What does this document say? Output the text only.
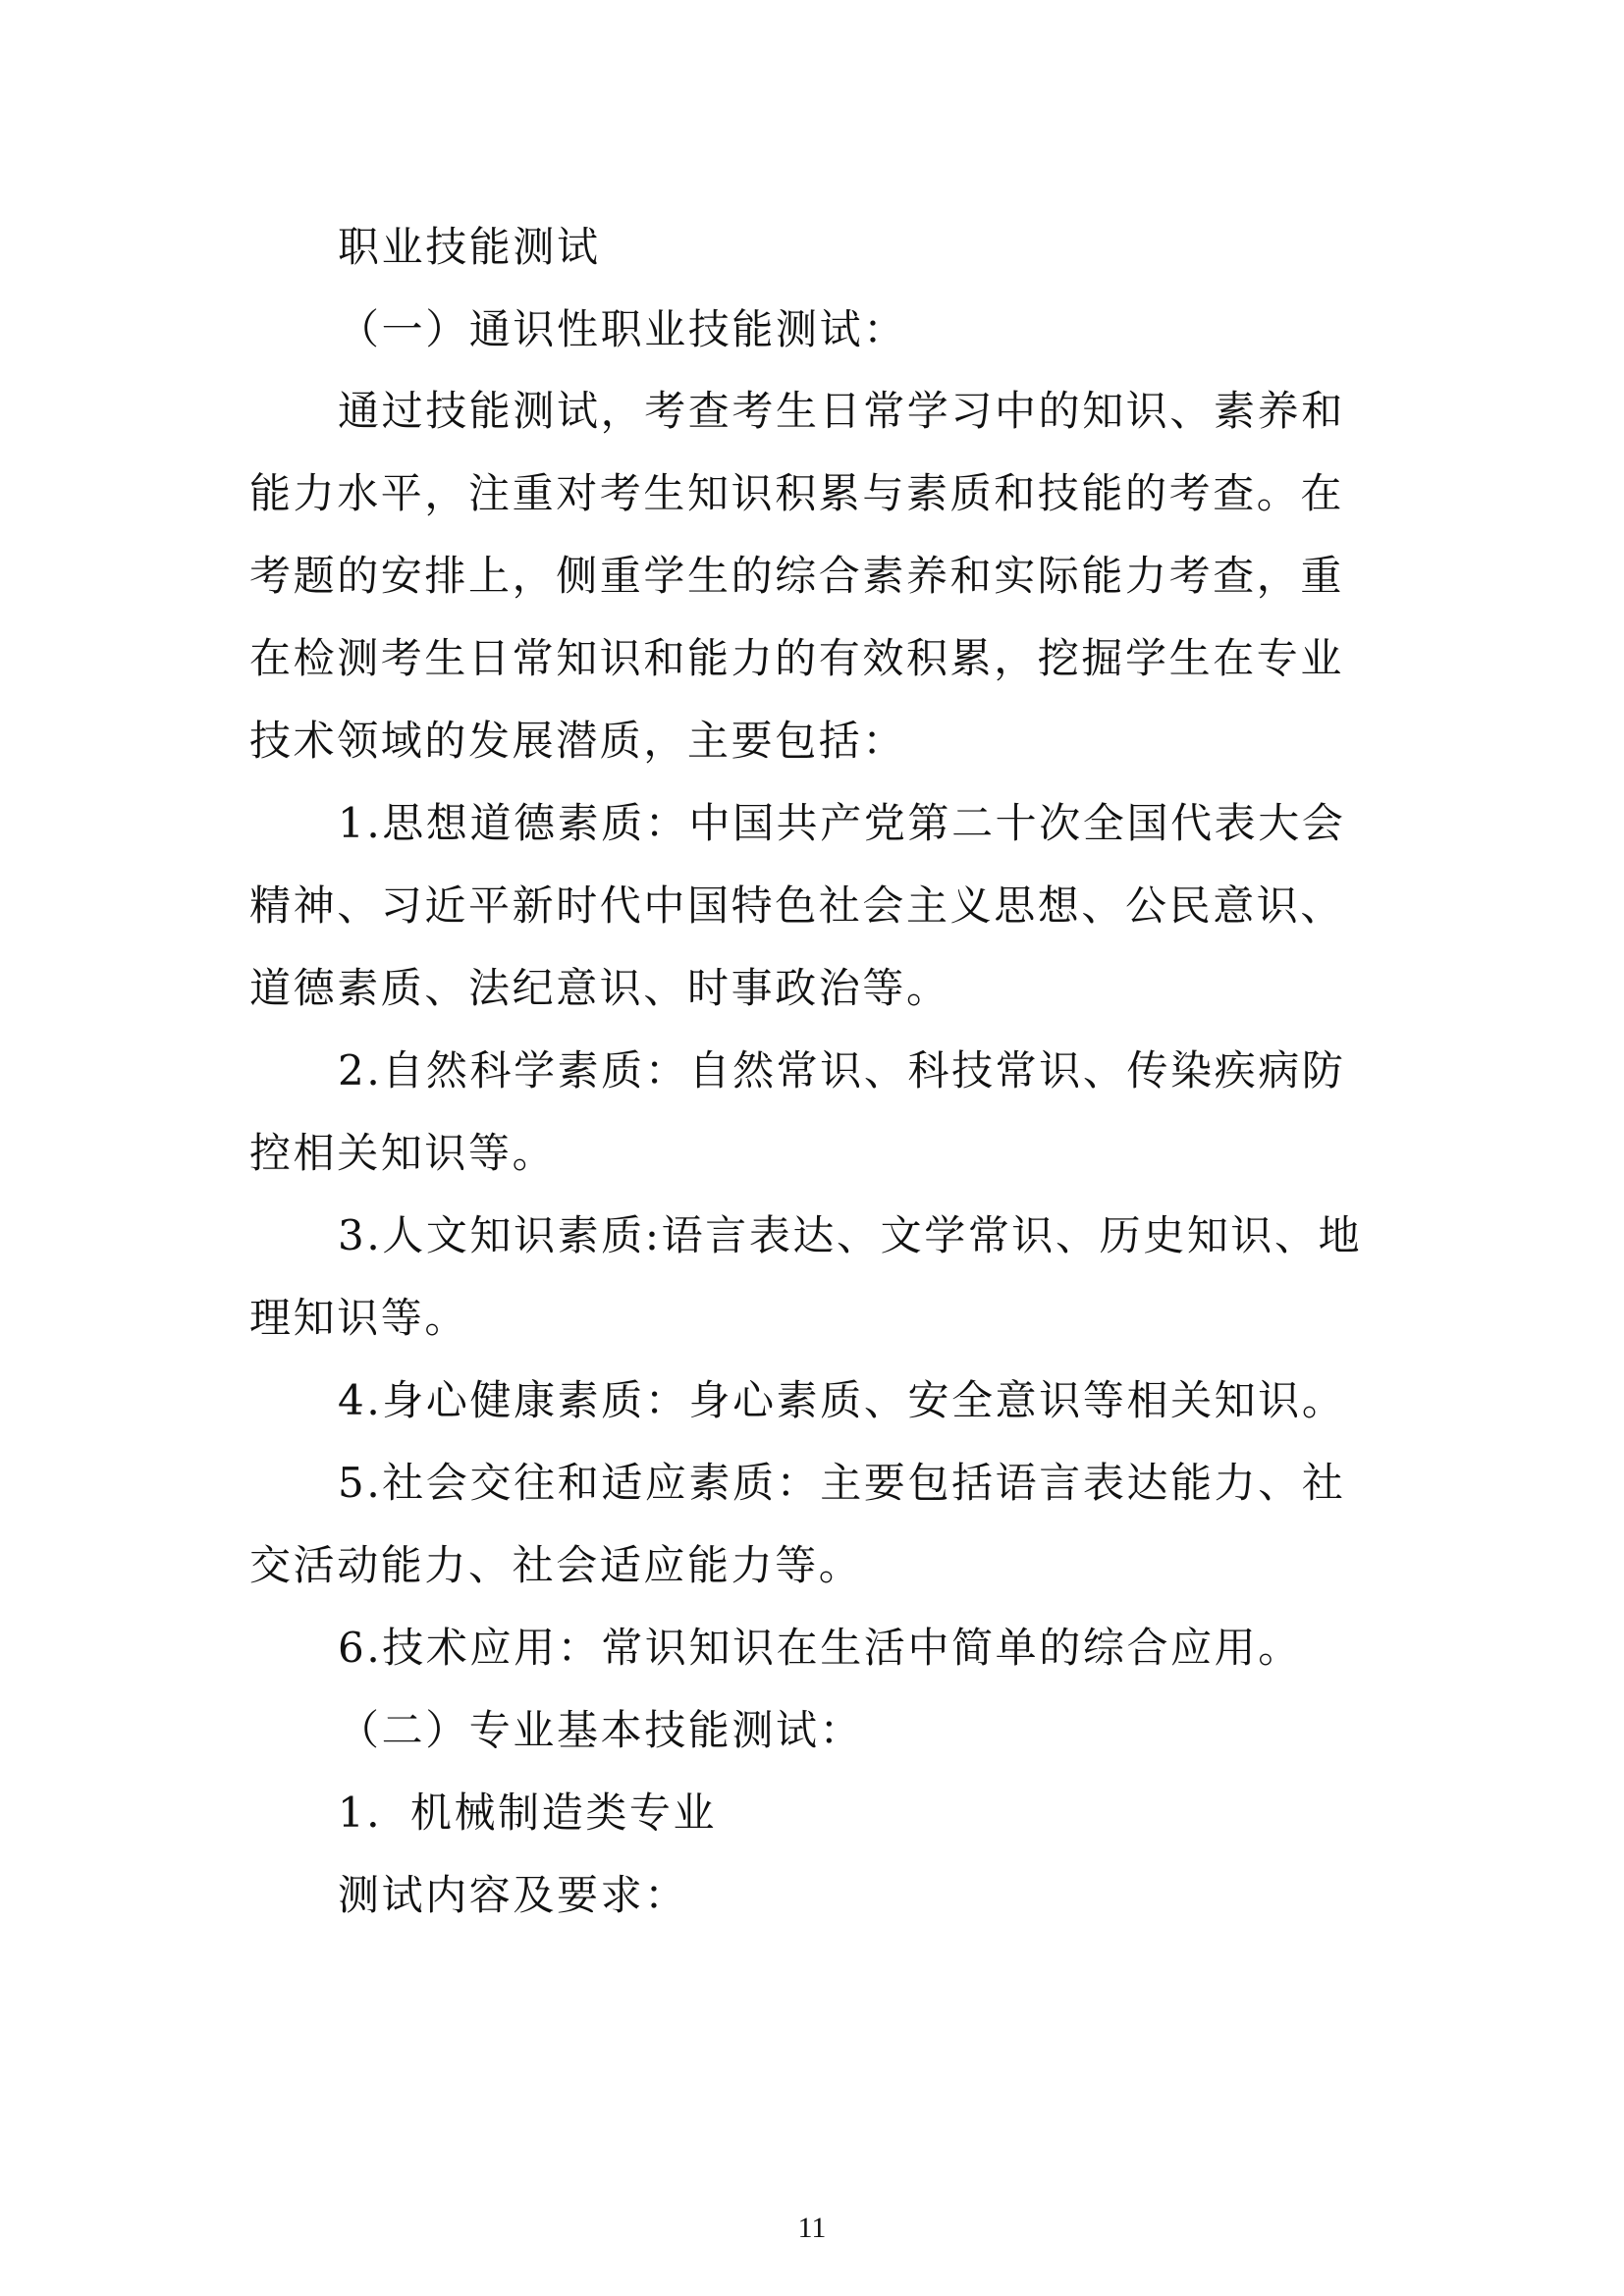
职业技能测试
（一）通识性职业技能测试：
通过技能测试，考查考生日常学习中的知识、素养和
能力水平，注重对考生知识积累与素质和技能的考查。在
考题的安排上，侧重学生的综合素养和实际能力考查，重
在检测考生日常知识和能力的有效积累，挖掘学生在专业
技术领域的发展潜质，主要包括：
1.思想道德素质：中国共产党第二十次全国代表大会
精神、习近平新时代中国特色社会主义思想、公民意识、
道德素质、法纪意识、时事政治等。
2.自然科学素质：自然常识、科技常识、传染疾病防
控相关知识等。
3.人文知识素质:语言表达、文学常识、历史知识、地
理知识等。
4.身心健康素质：身心素质、安全意识等相关知识。
5.社会交往和适应素质：主要包括语言表达能力、社
交活动能力、社会适应能力等。
6.技术应用：常识知识在生活中简单的综合应用。
（二）专业基本技能测试：
1．机械制造类专业
测试内容及要求：
11
